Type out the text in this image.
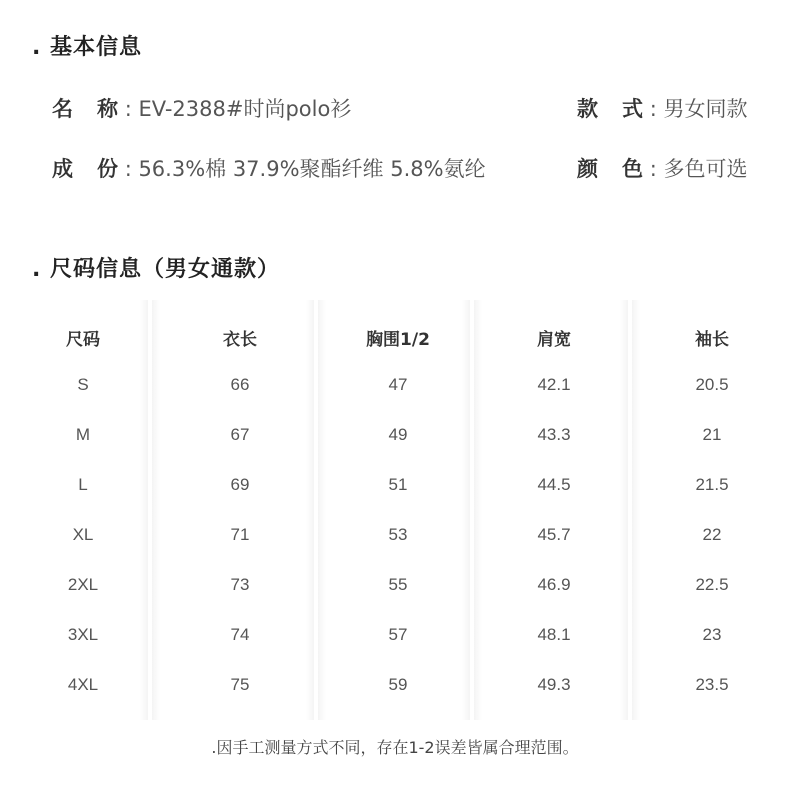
. 基本信息
名 称 : EV-2388#时尚polo衫	款 式 : 男女同款
成 份 : 56.3%棉 37.9%聚酯纤维 5.8%氨纶	颜 色 : 多色可选
. 尺码信息（男女通款）
尺码	衣长	胸围1/2	肩宽	袖长
S	66	47	42.1	20.5
M	67	49	43.3	21
L	69	51	44.5	21.5
XL	71	53	45.7	22
2XL	73	55	46.9	22.5
3XL	74	57	48.1	23
4XL	75	59	49.3	23.5
.因手工测量方式不同，存在1-2误差皆属合理范围。
